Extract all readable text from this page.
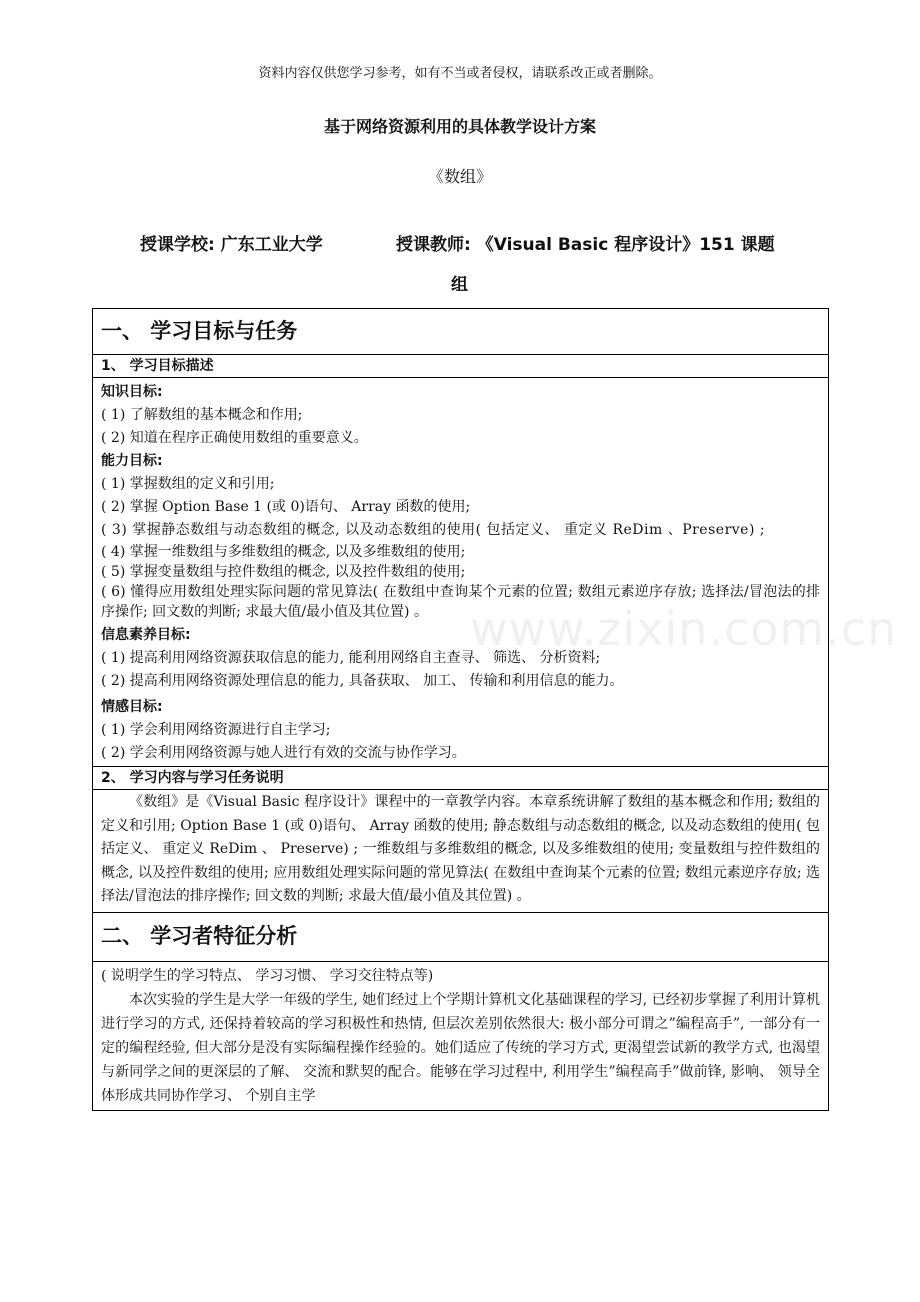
www.zixin.com.cn
资料内容仅供您学习参考，如有不当或者侵权，请联系改正或者删除。
基于网络资源利用的具体教学设计方案
《数组》
授课学校: 广东工业大学	授课教师: 《Visual Basic 程序设计》151 课题
组
一、 学习目标与任务
1、 学习目标描述

知识目标:

( 1) 了解数组的基本概念和作用;

( 2) 知道在程序正确使用数组的重要意义。

能力目标:

( 1) 掌握数组的定义和引用;

( 2) 掌握 Option Base 1 (或 0)语句、 Array 函数的使用;

( 3) 掌握静态数组与动态数组的概念, 以及动态数组的使用( 包括定义、 重定义 ReDim 、Preserve) ;

( 4) 掌握一维数组与多维数组的概念, 以及多维数组的使用;

( 5) 掌握变量数组与控件数组的概念, 以及控件数组的使用;

( 6) 懂得应用数组处理实际问题的常见算法( 在数组中查询某个元素的位置; 数组元素逆序存放; 选择法/冒泡法的排序操作; 回文数的判断; 求最大值/最小值及其位置) 。

信息素养目标:

( 1) 提高利用网络资源获取信息的能力, 能利用网络自主查寻、 筛选、 分析资料;

( 2) 提高利用网络资源处理信息的能力, 具备获取、 加工、 传输和利用信息的能力。

情感目标:

( 1) 学会利用网络资源进行自主学习;

( 2) 学会利用网络资源与她人进行有效的交流与协作学习。

2、 学习内容与学习任务说明
《数组》是《Visual Basic 程序设计》课程中的一章教学内容。本章系统讲解了数组的基本概念和作用; 数组的定义和引用; Option Base 1 (或 0)语句、 Array 函数的使用; 静态数组与动态数组的概念, 以及动态数组的使用( 包括定义、 重定义 ReDim 、 Preserve) ; 一维数组与多维数组的概念, 以及多维数组的使用; 变量数组与控件数组的概念, 以及控件数组的使用; 应用数组处理实际问题的常见算法( 在数组中查询某个元素的位置; 数组元素逆序存放; 选择法/冒泡法的排序操作; 回文数的判断; 求最大值/最小值及其位置) 。
二、 学习者特征分析

( 说明学生的学习特点、 学习习惯、 学习交往特点等)

本次实验的学生是大学一年级的学生, 她们经过上个学期计算机文化基础课程的学习, 已经初步掌握了利用计算机进行学习的方式, 还保持着较高的学习积极性和热情, 但层次差别依然很大: 极小部分可谓之”编程高手”, 一部分有一定的编程经验, 但大部分是没有实际编程操作经验的。她们适应了传统的学习方式, 更渴望尝试新的教学方式, 也渴望与新同学之间的更深层的了解、 交流和默契的配合。能够在学习过程中, 利用学生”编程高手”做前锋, 影响、 领导全体形成共同协作学习、 个别自主学
